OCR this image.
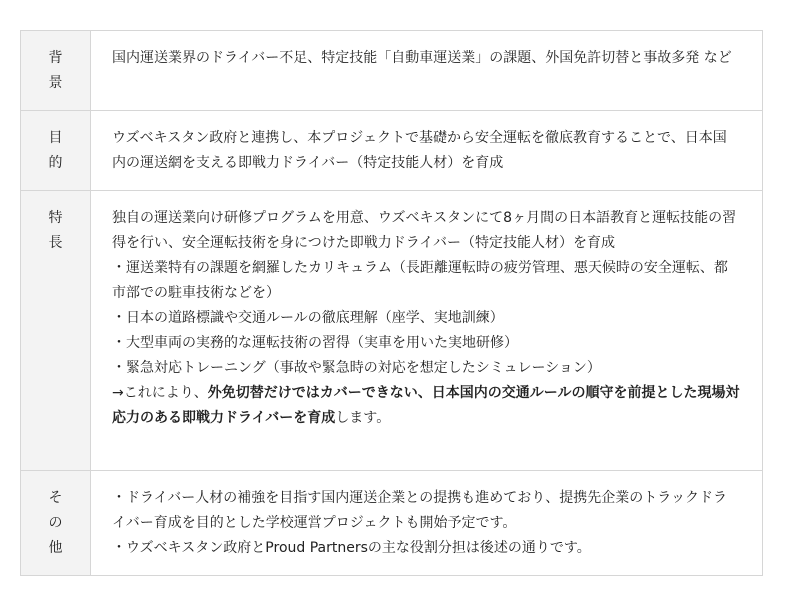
背
景

国内運送業界のドライバー不足、特定技能「自動車運送業」の課題、外国免許切替と事故多発 など

目
的

ウズベキスタン政府と連携し、本プロジェクトで基礎から安全運転を徹底教育することで、日本国内の運送網を支える即戦力ドライバー（特定技能人材）を育成

特
長

独自の運送業向け研修プログラムを用意、ウズベキスタンにて8ヶ月間の日本語教育と運転技能の習得を行い、安全運転技術を身につけた即戦力ドライバー（特定技能人材）を育成

・運送業特有の課題を網羅したカリキュラム（長距離運転時の疲労管理、悪天候時の安全運転、都市部での駐車技術などを）

・日本の道路標識や交通ルールの徹底理解（座学、実地訓練）

・大型車両の実務的な運転技術の習得（実車を用いた実地研修）

・緊急対応トレーニング（事故や緊急時の対応を想定したシミュレーション）

→これにより、外免切替だけではカバーできない、日本国内の交通ルールの順守を前提とした現場対応力のある即戦力ドライバーを育成します。

そ
の
他

・ドライバー人材の補強を目指す国内運送企業との提携も進めており、提携先企業のトラックドライバー育成を目的とした学校運営プロジェクトも開始予定です。

・ウズベキスタン政府とProud Partnersの主な役割分担は後述の通りです。
